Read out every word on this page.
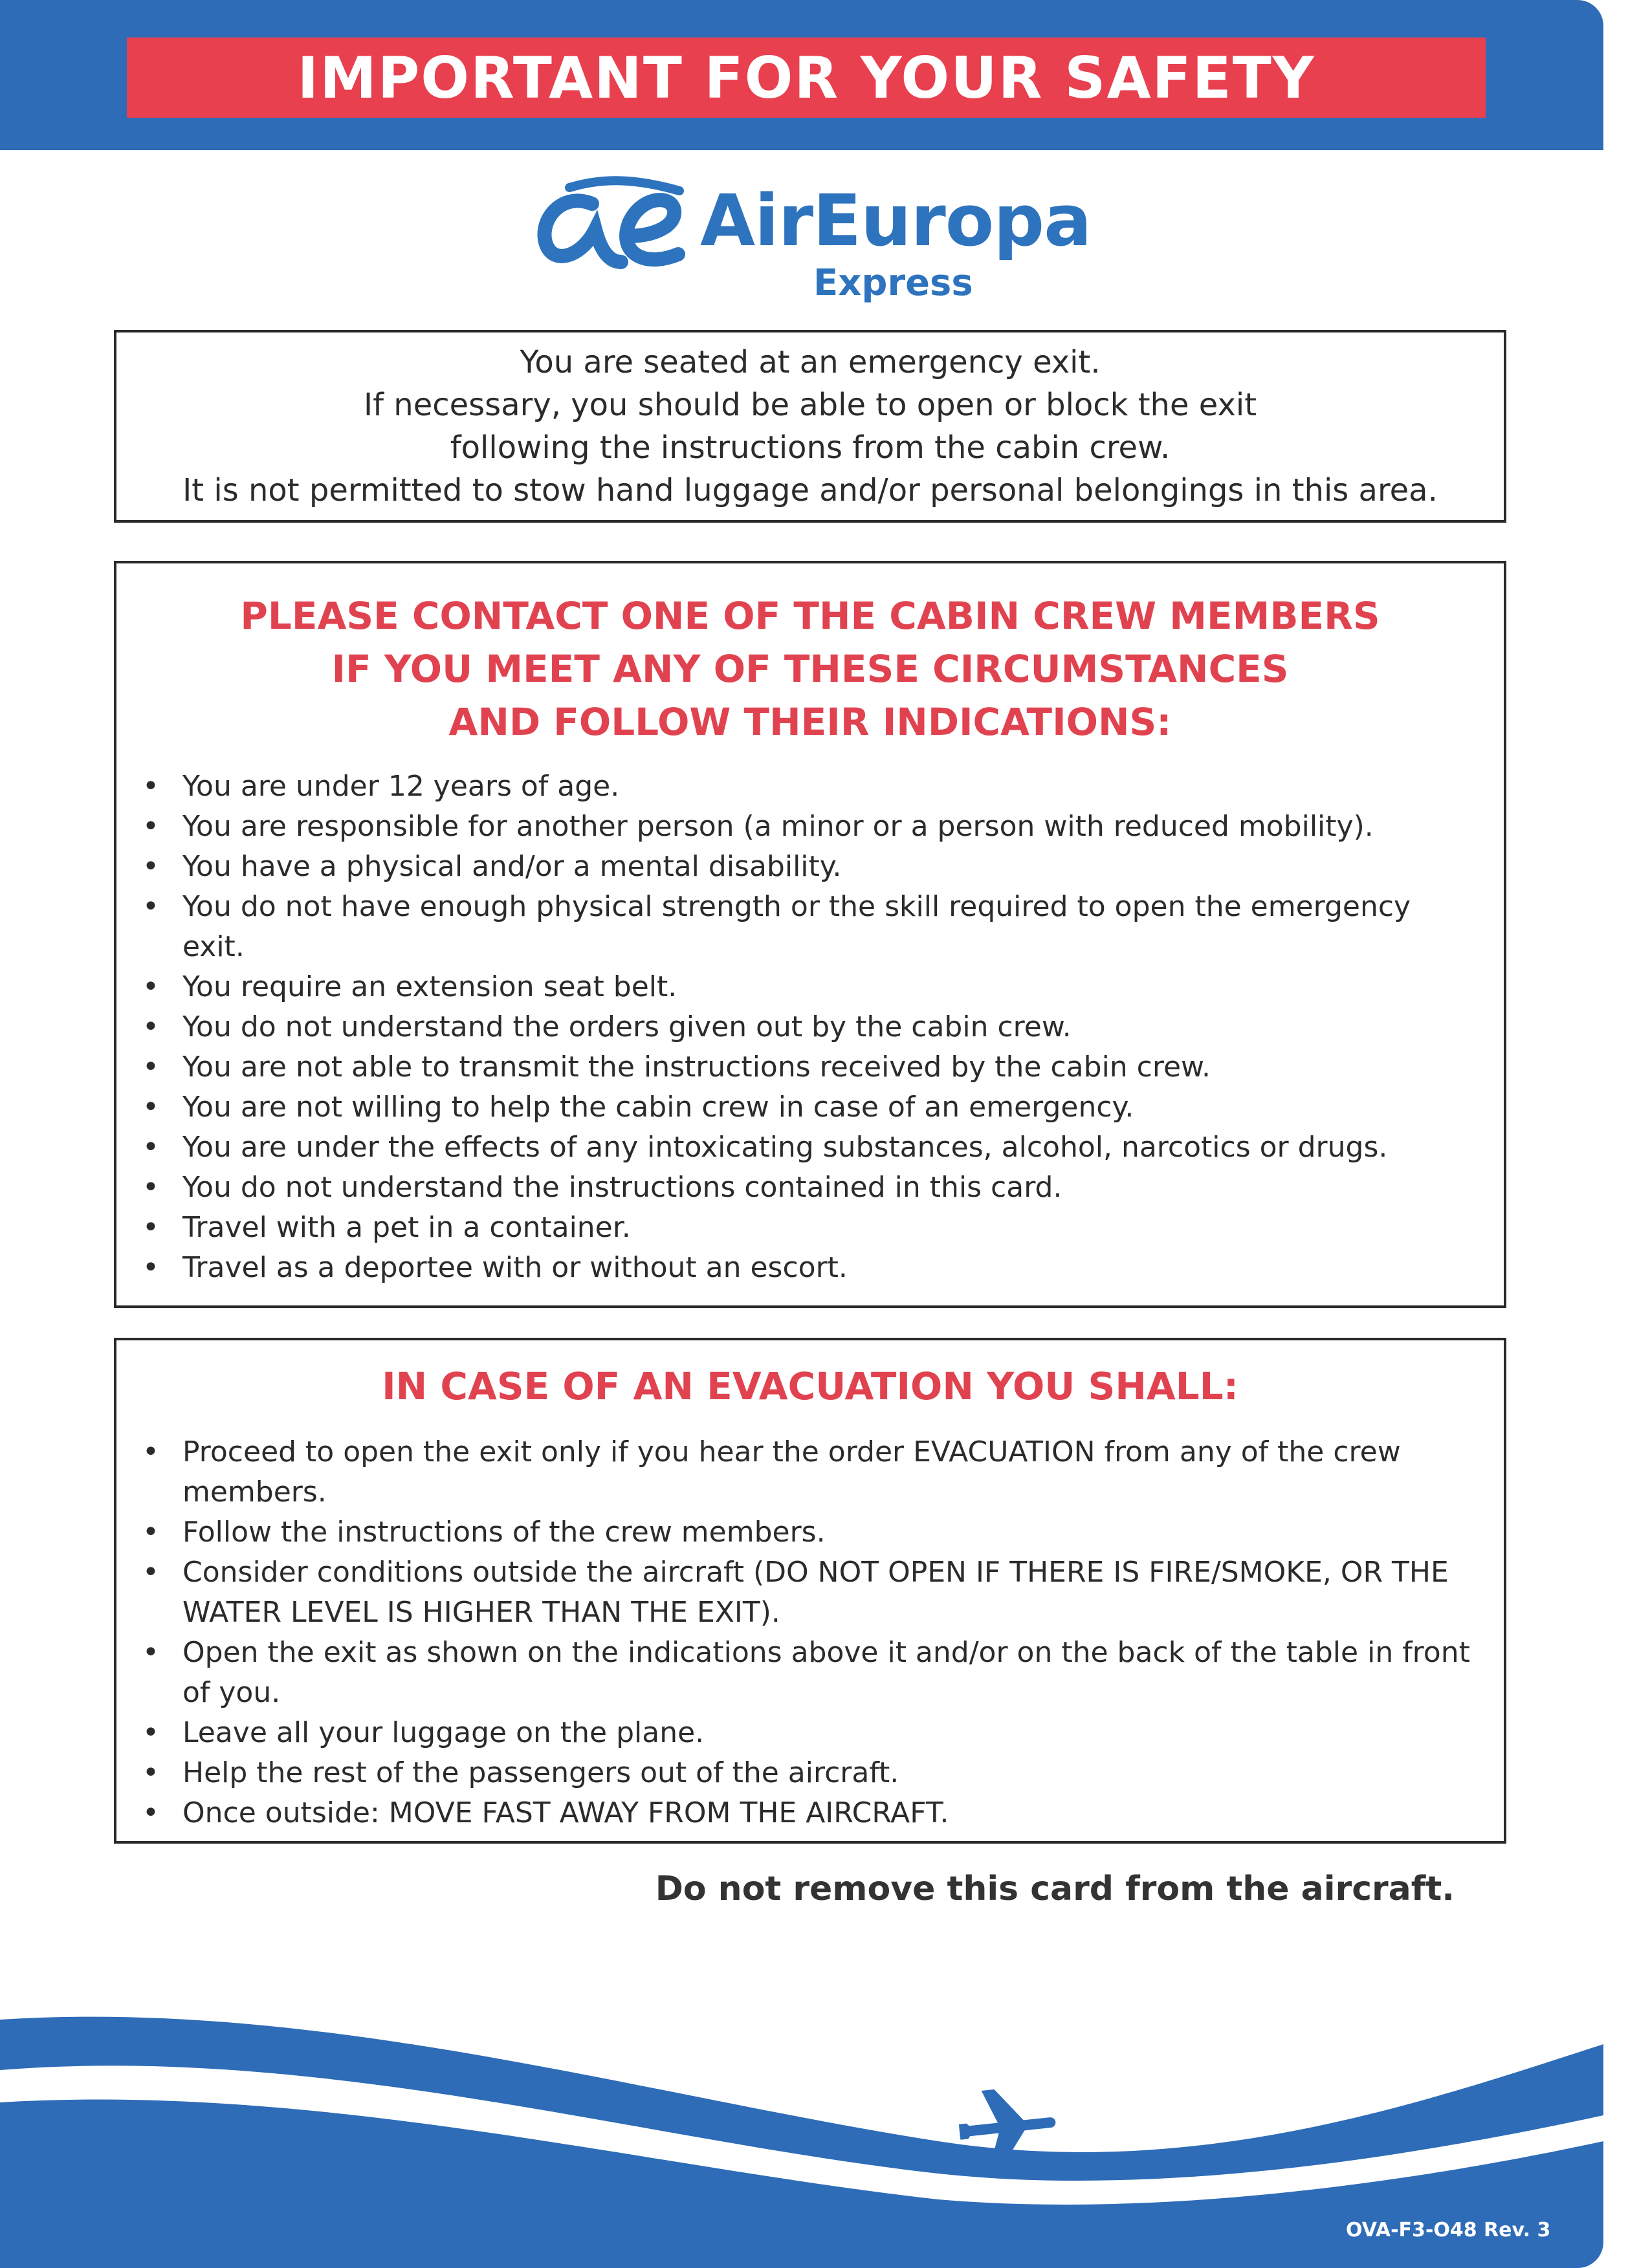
IMPORTANT FOR YOUR SAFETY
AirEuropa
Express
You are seated at an emergency exit.
If necessary, you should be able to open or block the exit
following the instructions from the cabin crew.
It is not permitted to stow hand luggage and/or personal belongings in this area.
PLEASE CONTACT ONE OF THE CABIN CREW MEMBERS
IF YOU MEET ANY OF THESE CIRCUMSTANCES
AND FOLLOW THEIR INDICATIONS:
• You are under 12 years of age.
• You are responsible for another person (a minor or a person with reduced mobility).
• You have a physical and/or a mental disability.
• You do not have enough physical strength or the skill required to open the emergency exit.
• You require an extension seat belt.
• You do not understand the orders given out by the cabin crew.
• You are not able to transmit the instructions received by the cabin crew.
• You are not willing to help the cabin crew in case of an emergency.
• You are under the effects of any intoxicating substances, alcohol, narcotics or drugs.
• You do not understand the instructions contained in this card.
• Travel with a pet in a container.
• Travel as a deportee with or without an escort.
IN CASE OF AN EVACUATION YOU SHALL:
• Proceed to open the exit only if you hear the order EVACUATION from any of the crew members.
• Follow the instructions of the crew members.
• Consider conditions outside the aircraft (DO NOT OPEN IF THERE IS FIRE/SMOKE, OR THE WATER LEVEL IS HIGHER THAN THE EXIT).
• Open the exit as shown on the indications above it and/or on the back of the table in front of you.
• Leave all your luggage on the plane.
• Help the rest of the passengers out of the aircraft.
• Once outside: MOVE FAST AWAY FROM THE AIRCRAFT.
Do not remove this card from the aircraft.
OVA-F3-O48 Rev. 3
